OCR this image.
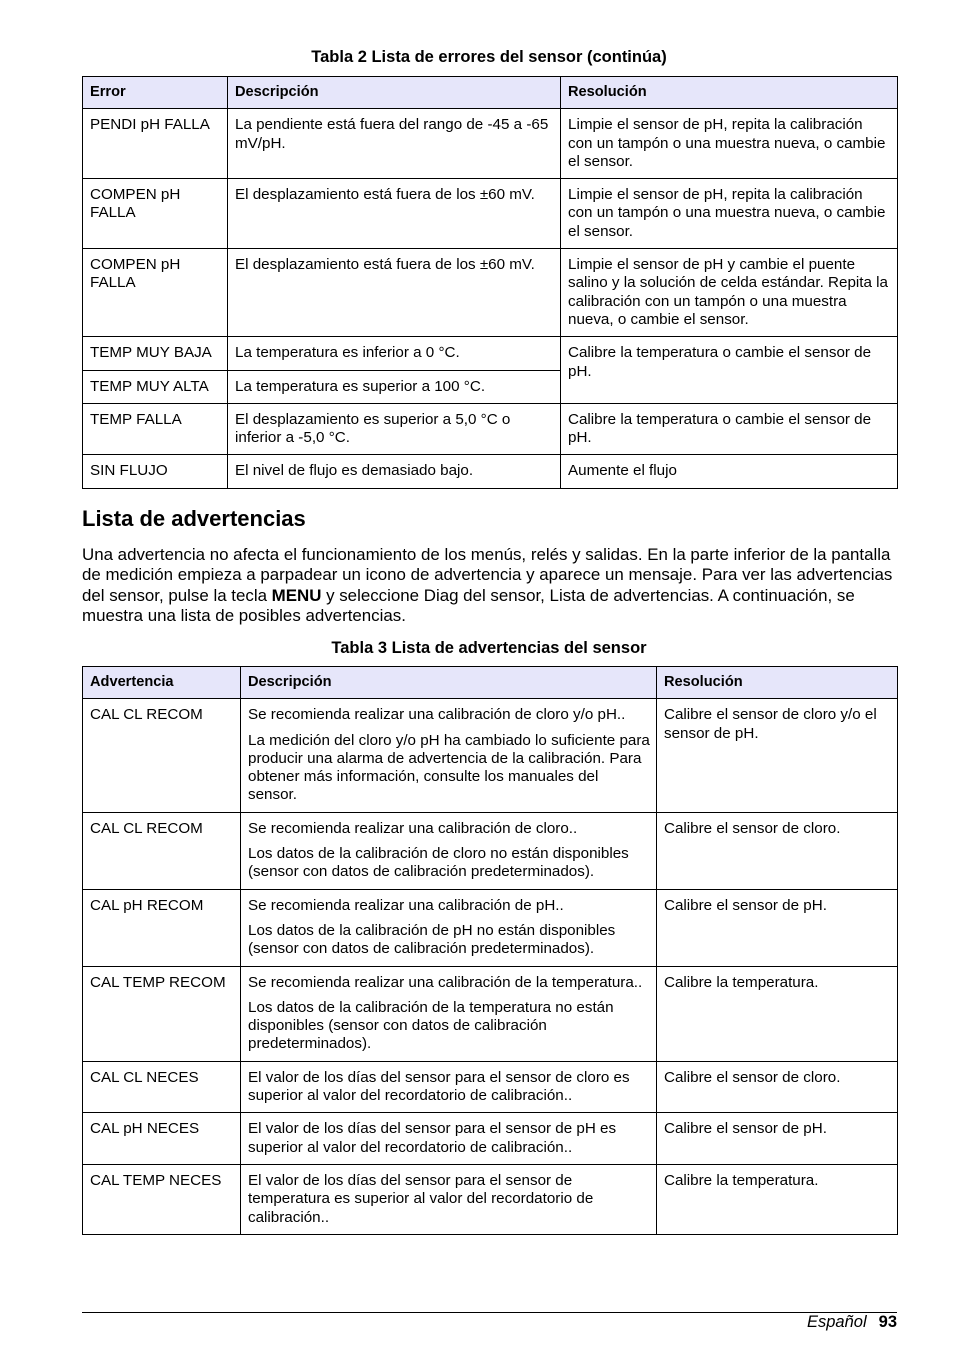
Tabla 2 Lista de errores del sensor (continúa)
Error	Descripción	Resolución
PENDI pH FALLA	La pendiente está fuera del rango de -45 a -65 mV/pH.	Limpie el sensor de pH, repita la calibración con un tampón o una muestra nueva, o cambie el sensor.
COMPEN pH FALLA	El desplazamiento está fuera de los ±60 mV.	Limpie el sensor de pH, repita la calibración con un tampón o una muestra nueva, o cambie el sensor.
COMPEN pH FALLA	El desplazamiento está fuera de los ±60 mV.	Limpie el sensor de pH y cambie el puente salino y la solución de celda estándar. Repita la calibración con un tampón o una muestra nueva, o cambie el sensor.
TEMP MUY BAJA	La temperatura es inferior a 0 °C.	Calibre la temperatura o cambie el sensor de pH.
TEMP MUY ALTA	La temperatura es superior a 100 °C.	
TEMP FALLA	El desplazamiento es superior a 5,0 °C o inferior a -5,0 °C.	Calibre la temperatura o cambie el sensor de pH.
SIN FLUJO	El nivel de flujo es demasiado bajo.	Aumente el flujo
Lista de advertencias

Una advertencia no afecta el funcionamiento de los menús, relés y salidas. En la parte inferior de la pantalla de medición empieza a parpadear un icono de advertencia y aparece un mensaje. Para ver las advertencias del sensor, pulse la tecla MENU y seleccione Diag del sensor, Lista de advertencias. A continuación, se muestra una lista de posibles advertencias.

Tabla 3 Lista de advertencias del sensor
Advertencia	Descripción	Resolución
CAL CL RECOM	Se recomienda realizar una calibración de cloro y/o pH..

La medición del cloro y/o pH ha cambiado lo suficiente para producir una alarma de advertencia de la calibración. Para obtener más información, consulte los manuales del sensor.	Calibre el sensor de cloro y/o el sensor de pH.
CAL CL RECOM	Se recomienda realizar una calibración de cloro..

Los datos de la calibración de cloro no están disponibles (sensor con datos de calibración predeterminados).	Calibre el sensor de cloro.
CAL pH RECOM	Se recomienda realizar una calibración de pH..

Los datos de la calibración de pH no están disponibles (sensor con datos de calibración predeterminados).	Calibre el sensor de pH.
CAL TEMP RECOM	Se recomienda realizar una calibración de la temperatura..

Los datos de la calibración de la temperatura no están disponibles (sensor con datos de calibración predeterminados).	Calibre la temperatura.
CAL CL NECES	El valor de los días del sensor para el sensor de cloro es superior al valor del recordatorio de calibración..	Calibre el sensor de cloro.
CAL pH NECES	El valor de los días del sensor para el sensor de pH es superior al valor del recordatorio de calibración..	Calibre el sensor de pH.
CAL TEMP NECES	El valor de los días del sensor para el sensor de temperatura es superior al valor del recordatorio de calibración..	Calibre la temperatura.
Español 93
